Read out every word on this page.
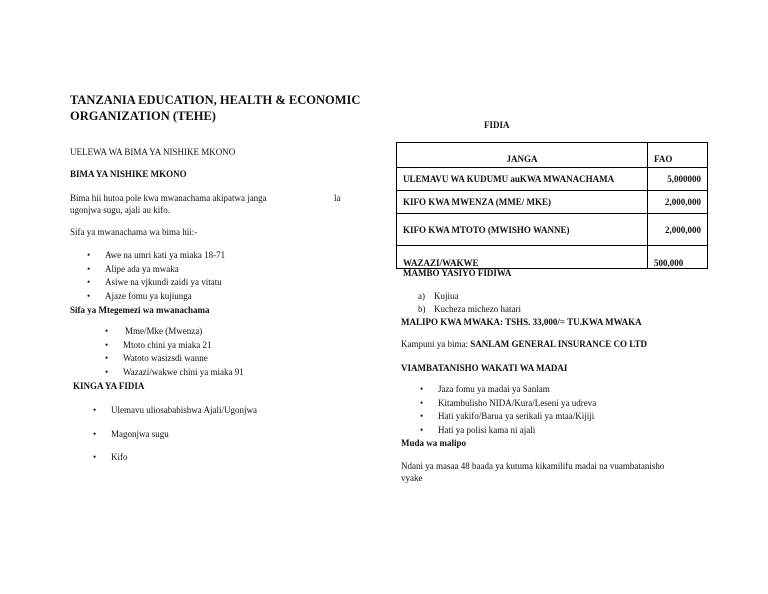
TANZANIA EDUCATION, HEALTH & ECONOMIC
ORGANIZATION (TEHE)
UELEWA WA BIMA YA NISHIKE MKONO
BIMA YA NISHIKE MKONO
Bima hii hutoa pole kwa mwanachama akipatwa janga	la
ugonjwa sugu, ajali au kifo.
Sifa ya mwanachama wa bima hii:-
• Awe na umri kati ya miaka 18-71
• Alipe ada ya mwaka
• Asiwe na vjkundi zaidi ya vitatu
• Ajaze fomu ya kujiunga
Sifa ya Mtegemezi wa mwanachama
• Mme/Mke (Mwenza)
• Mtoto chini ya miaka 21
• Watoto wasizsdi wanne
• Wazazi/wakwe chini ya miaka 91
KINGA YA FIDIA
• Ulemavu uliosababishwa Ajali/Ugonjwa
• Magonjwa sugu
• Kifo
FIDIA
JANGA	FAO
ULEMAVU WA KUDUMU auKWA MWANACHAMA	5,000000
KIFO KWA MWENZA (MME/ MKE)	2,000,000
KIFO KWA MTOTO (MWISHO WANNE)	2,000,000
WAZAZI/WAKWE	500,000
MAMBO YASIYO FIDIWA
a) Kujiua
b) Kucheza michezo hatari
MALIPO KWA MWAKA: TSHS. 33,000/= TU.KWA MWAKA
Kampuni ya bima: SANLAM GENERAL INSURANCE CO LTD
VIAMBATANISHO WAKATI WA MADAI
• Jaza fomu ya madai ya Sanlam
• Kitambulisho NIDA/Kura/Leseni ya udreva
• Hati yakifo/Barua ya serikali ya mtaa/Kijiji
• Hati ya polisi kama ni ajali
Muda wa malipo
Ndani ya masaa 48 baada ya kutuma kikamilifu madai na vuambatanisho
vyake
